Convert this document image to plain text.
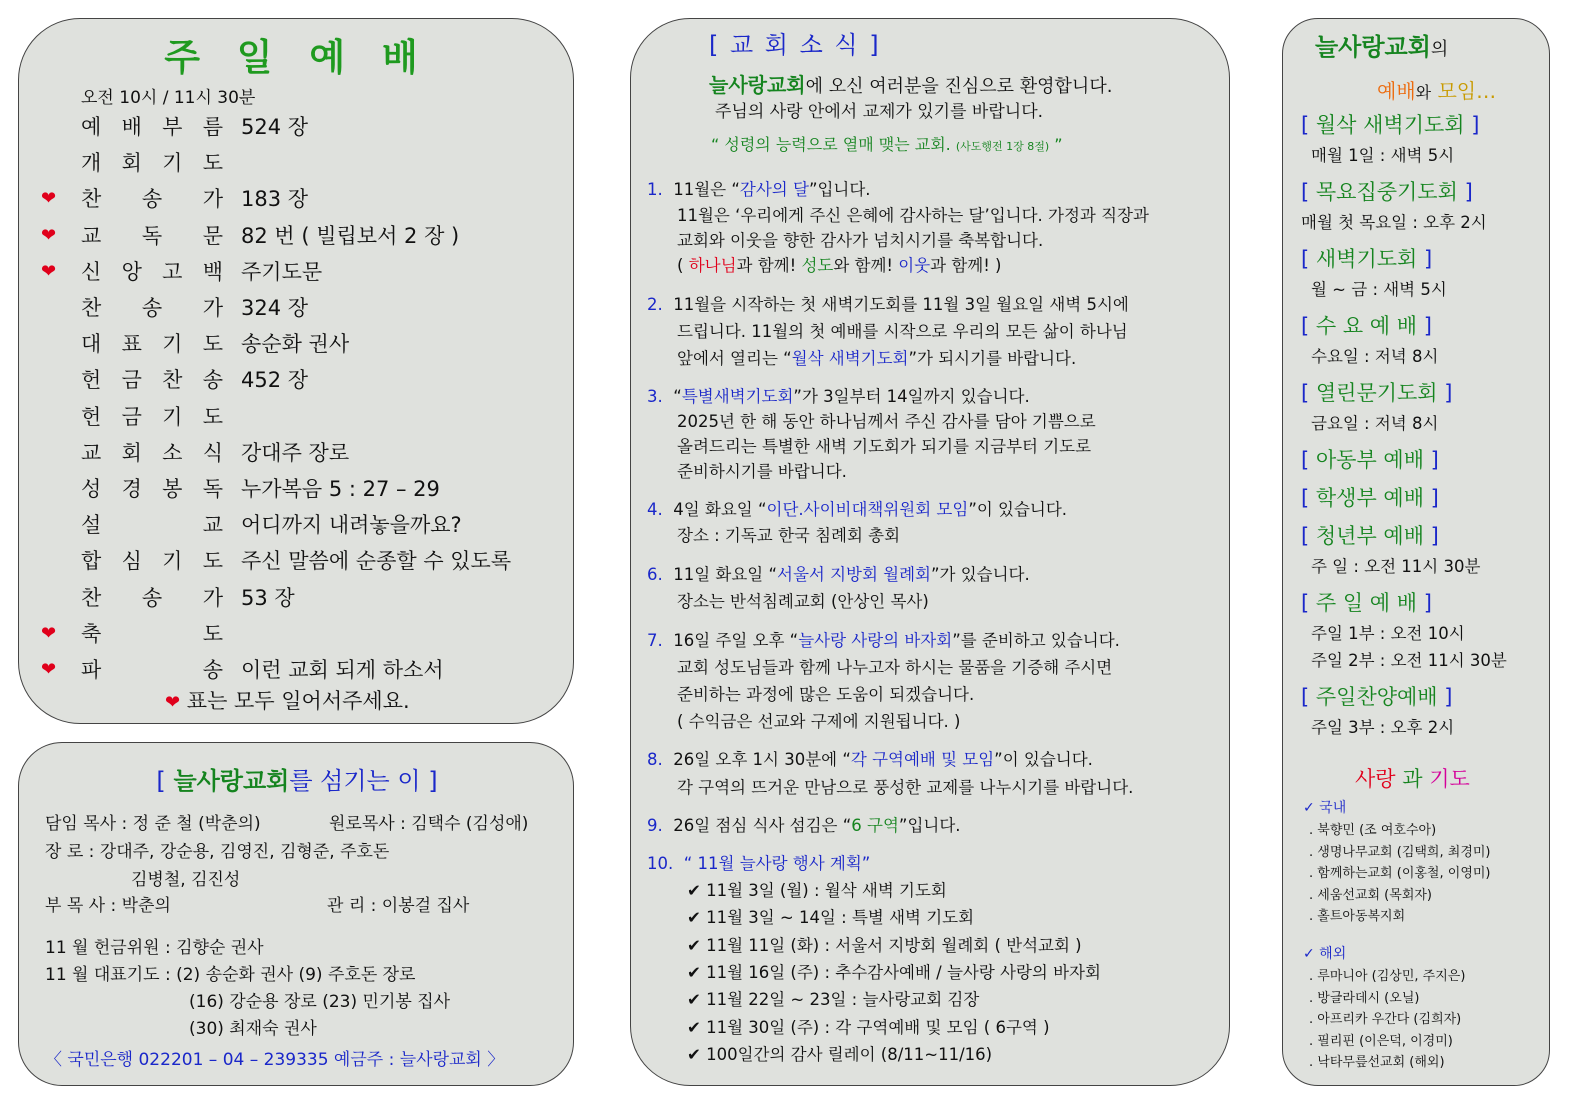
주 일 예 배
오전 10시 / 11시 30분
예 배 부 름 524 장
개 회 기 도
❤ 찬 송 가 183 장
❤ 교 독 문 82 번 ( 빌립보서 2 장 )
❤ 신 앙 고 백 주기도문
찬 송 가 324 장
대 표 기 도 송순화 권사
헌 금 찬 송 452 장
헌 금 기 도
교 회 소 식 강대주 장로
성 경 봉 독 누가복음 5 : 27 – 29
설	교 어디까지 내려놓을까요?
합 심 기 도 주신 말씀에 순종할 수 있도록
찬 송 가 53 장
❤ 축	도
❤ 파	송 이런 교회 되게 하소서
❤ 표는 모두 일어서주세요.
[ 늘사랑교회를 섬기는 이 ]
담임 목사 : 정 준 철 (박춘의)	원로목사 : 김택수 (김성애)
장 로 : 강대주, 강순용, 김영진, 김형준, 주호돈
김병철, 김진성
부 목 사 : 박춘의	관 리 : 이봉걸 집사
11 월 헌금위원 : 김향순 권사
11 월 대표기도 : (2) 송순화 권사 (9) 주호돈 장로
(16) 강순용 장로 (23) 민기봉 집사
(30) 최재숙 권사
〈 국민은행 022201 – 04 – 239335 예금주 : 늘사랑교회 〉
[ 교 회 소 식 ]
늘사랑교회에 오신 여러분을 진심으로 환영합니다.
주님의 사랑 안에서 교제가 있기를 바랍니다.
“ 성령의 능력으로 열매 맺는 교회. (사도행전 1장 8절) ”
1. 11월은 “감사의 달”입니다.
11월은 ‘우리에게 주신 은혜에 감사하는 달’입니다. 가정과 직장과
교회와 이웃을 향한 감사가 넘치시기를 축복합니다.
( 하나님과 함께! 성도와 함께! 이웃과 함께! )
2. 11월을 시작하는 첫 새벽기도회를 11월 3일 월요일 새벽 5시에
드립니다. 11월의 첫 예배를 시작으로 우리의 모든 삶이 하나님
앞에서 열리는 “월삭 새벽기도회”가 되시기를 바랍니다.
3. “특별새벽기도회”가 3일부터 14일까지 있습니다.
2025년 한 해 동안 하나님께서 주신 감사를 담아 기쁨으로
올려드리는 특별한 새벽 기도회가 되기를 지금부터 기도로
준비하시기를 바랍니다.
4. 4일 화요일 “이단.사이비대책위원회 모임”이 있습니다.
장소 : 기독교 한국 침례회 총회
6. 11일 화요일 “서울서 지방회 월례회”가 있습니다.
장소는 반석침례교회 (안상인 목사)
7. 16일 주일 오후 “늘사랑 사랑의 바자회”를 준비하고 있습니다.
교회 성도님들과 함께 나누고자 하시는 물품을 기증해 주시면
준비하는 과정에 많은 도움이 되겠습니다.
( 수익금은 선교와 구제에 지원됩니다. )
8. 26일 오후 1시 30분에 “각 구역예배 및 모임”이 있습니다.
각 구역의 뜨거운 만남으로 풍성한 교제를 나누시기를 바랍니다.
9. 26일 점심 식사 섬김은 “6 구역”입니다.
10. “ 11월 늘사랑 행사 계획”
✔ 11월 3일 (월) : 월삭 새벽 기도회
✔ 11월 3일 ~ 14일 : 특별 새벽 기도회
✔ 11월 11일 (화) : 서울서 지방회 월례회 ( 반석교회 )
✔ 11월 16일 (주) : 추수감사예배 / 늘사랑 사랑의 바자회
✔ 11월 22일 ~ 23일 : 늘사랑교회 김장
✔ 11월 30일 (주) : 각 구역예배 및 모임 ( 6구역 )
✔ 100일간의 감사 릴레이 (8/11~11/16)
늘사랑교회의
예배와 모임…
[ 월삭 새벽기도회 ]
매월 1일 : 새벽 5시
[ 목요집중기도회 ]
매월 첫 목요일 : 오후 2시
[ 새벽기도회 ]
월 ~ 금 : 새벽 5시
[ 수 요 예 배 ]
수요일 : 저녁 8시
[ 열린문기도회 ]
금요일 : 저녁 8시
[ 아동부 예배 ]
[ 학생부 예배 ]
[ 청년부 예배 ]
주 일 : 오전 11시 30분
[ 주 일 예 배 ]
주일 1부 : 오전 10시
주일 2부 : 오전 11시 30분
[ 주일찬양예배 ]
주일 3부 : 오후 2시
사랑 과 기도
✓ 국내
. 북향민 (조 여호수아)
. 생명나무교회 (김택희, 최경미)
. 함께하는교회 (이홍철, 이영미)
. 세움선교회 (목회자)
. 홀트아동복지회
✓ 해외
. 루마니아 (김상민, 주지은)
. 방글라데시 (오닐)
. 아프리카 우간다 (김희자)
. 필리핀 (이은덕, 이경미)
. 낙타무릎선교회 (해외)
